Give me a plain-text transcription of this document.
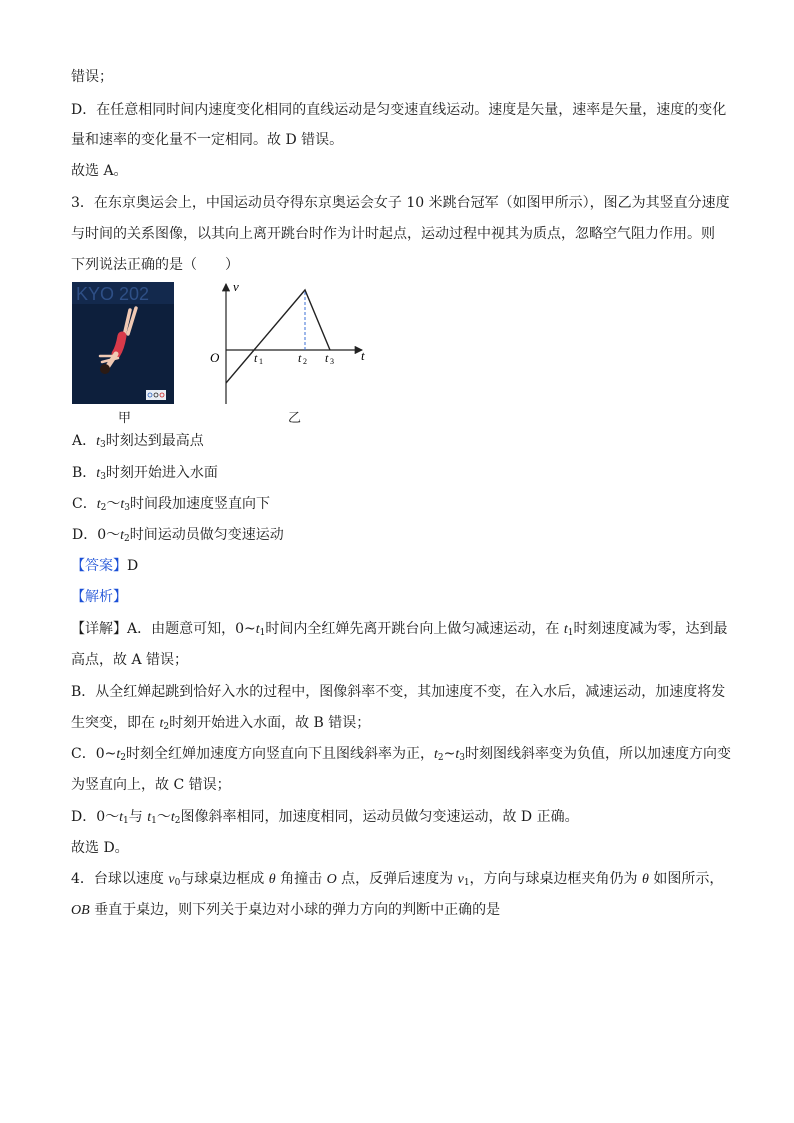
错误；
D．在任意相同时间内速度变化相同的直线运动是匀变速直线运动。速度是矢量，速率是矢量，速度的变化
量和速率的变化量不一定相同。故 D 错误。
故选 A。
3．在东京奥运会上，中国运动员夺得东京奥运会女子 10 米跳台冠军（如图甲所示），图乙为其竖直分速度
与时间的关系图像，以其向上离开跳台时作为计时起点，运动过程中视其为质点，忽略空气阻力作用。则
下列说法正确的是（　　）
KYO 202
甲
v
t
O	t 1	t 2 t 3
乙
A．$t_3$时刻达到最高点
B．$t_3$时刻开始进入水面
C．$t_2\sim t_3$时间段加速度竖直向下
D．$0\sim t_2$时间运动员做匀变速运动
【答案】D
【解析】
【详解】A．由题意可知，$0\sim t_1$时间内全红婵先离开跳台向上做匀减速运动，在 $t_1$时刻速度减为零，达到最
高点，故 A 错误；
B．从全红婵起跳到恰好入水的过程中，图像斜率不变，其加速度不变，在入水后，减速运动，加速度将发
生突变，即在 $t_2$时刻开始进入水面，故 B 错误；
C．$0\sim t_2$时刻全红婵加速度方向竖直向下且图线斜率为正，$t_2\sim t_3$时刻图线斜率变为负值，所以加速度方向变
为竖直向上，故 C 错误；
D．$0\sim t_1$与 $t_1\sim t_2$图像斜率相同，加速度相同，运动员做匀变速运动，故 D 正确。
故选 D。
4．台球以速度 $v_0$与球桌边框成 θ 角撞击 O 点，反弹后速度为 $v_1$，方向与球桌边框夹角仍为 θ 如图所示，
OB 垂直于桌边，则下列关于桌边对小球的弹力方向的判断中正确的是
